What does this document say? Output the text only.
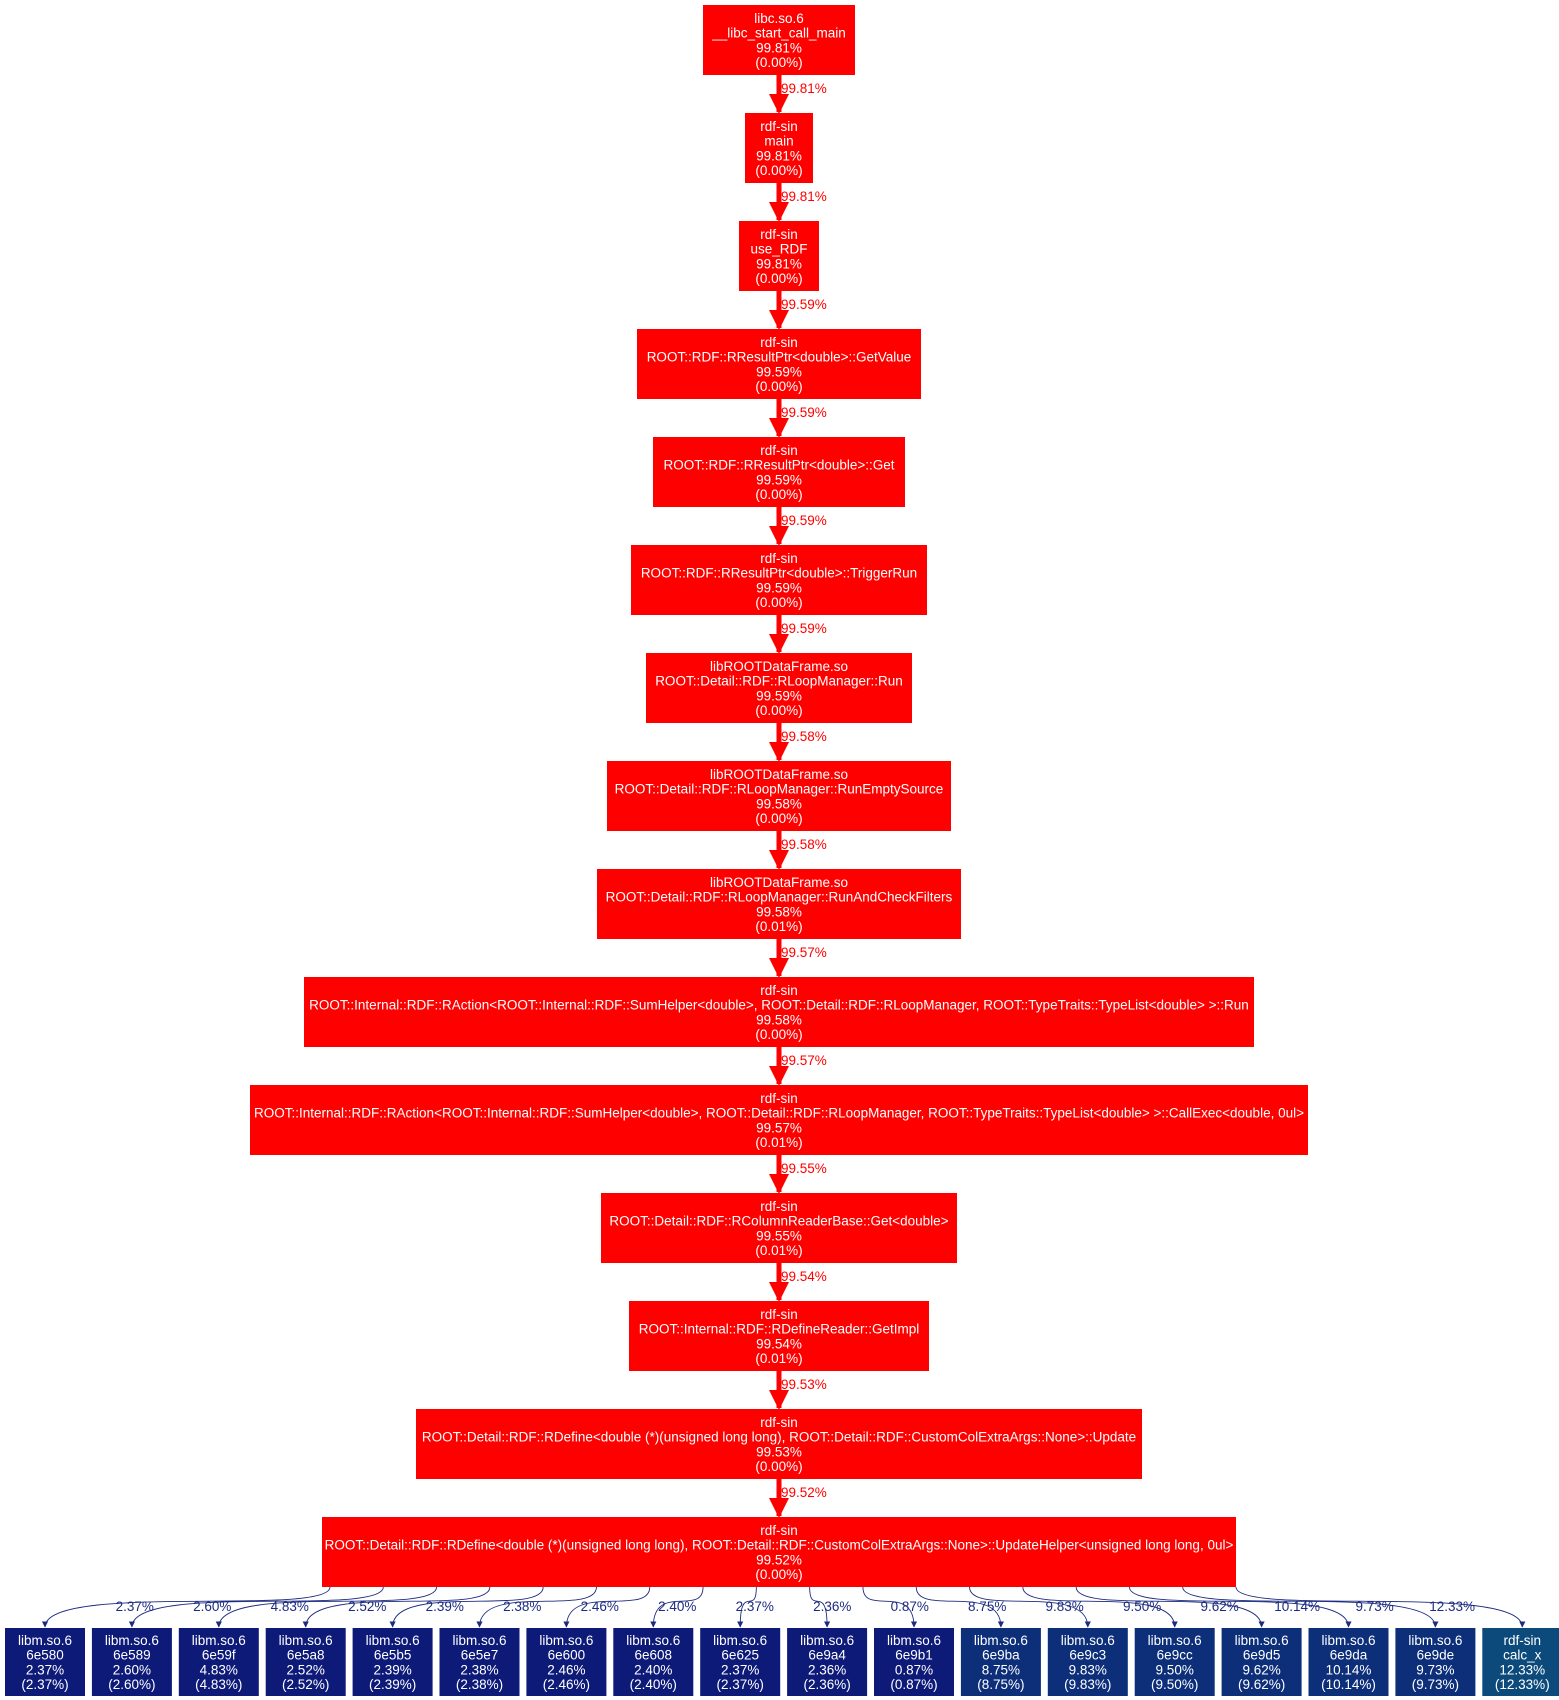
99.81%
99.81%
99.59%
99.59%
99.59%
99.59%
99.58%
99.58%
99.57%
99.57%
99.55%
99.54%
99.53%
99.52%
2.37%	2.60%	4.83%	2.52%	2.39%	2.38%	2.46%	2.40%	2.37%	2.36%	0.87%	8.75%	9.83%	9.50%	9.62%	10.14%	9.73%	12.33%
libc.so.6
__libc_start_call_main
99.81%
(0.00%)
rdf-sin
main
99.81%
(0.00%)
rdf-sin
use_RDF
99.81%
(0.00%)
rdf-sin
ROOT::RDF::RResultPtr<double>::GetValue
99.59%
(0.00%)
rdf-sin
ROOT::RDF::RResultPtr<double>::Get
99.59%
(0.00%)
rdf-sin
ROOT::RDF::RResultPtr<double>::TriggerRun
99.59%
(0.00%)
libROOTDataFrame.so
ROOT::Detail::RDF::RLoopManager::Run
99.59%
(0.00%)
libROOTDataFrame.so
ROOT::Detail::RDF::RLoopManager::RunEmptySource
99.58%
(0.00%)
libROOTDataFrame.so
ROOT::Detail::RDF::RLoopManager::RunAndCheckFilters
99.58%
(0.01%)
rdf-sin
ROOT::Internal::RDF::RAction<ROOT::Internal::RDF::SumHelper<double>, ROOT::Detail::RDF::RLoopManager, ROOT::TypeTraits::TypeList<double> >::Run
99.58%
(0.00%)
rdf-sin
ROOT::Internal::RDF::RAction<ROOT::Internal::RDF::SumHelper<double>, ROOT::Detail::RDF::RLoopManager, ROOT::TypeTraits::TypeList<double> >::CallExec<double, 0ul>
99.57%
(0.01%)
rdf-sin
ROOT::Detail::RDF::RColumnReaderBase::Get<double>
99.55%
(0.01%)
rdf-sin
ROOT::Internal::RDF::RDefineReader::GetImpl
99.54%
(0.01%)
rdf-sin
ROOT::Detail::RDF::RDefine<double (*)(unsigned long long), ROOT::Detail::RDF::CustomColExtraArgs::None>::Update
99.53%
(0.00%)
rdf-sin
ROOT::Detail::RDF::RDefine<double (*)(unsigned long long), ROOT::Detail::RDF::CustomColExtraArgs::None>::UpdateHelper<unsigned long long, 0ul>
99.52%
(0.00%)
libm.so.6
6e580
2.37%
(2.37%)
libm.so.6
6e589
2.60%
(2.60%)
libm.so.6
6e59f
4.83%
(4.83%)
libm.so.6
6e5a8
2.52%
(2.52%)
libm.so.6
6e5b5
2.39%
(2.39%)
libm.so.6
6e5e7
2.38%
(2.38%)
libm.so.6
6e600
2.46%
(2.46%)
libm.so.6
6e608
2.40%
(2.40%)
libm.so.6
6e625
2.37%
(2.37%)
libm.so.6
6e9a4
2.36%
(2.36%)
libm.so.6
6e9b1
0.87%
(0.87%)
libm.so.6
6e9ba
8.75%
(8.75%)
libm.so.6
6e9c3
9.83%
(9.83%)
libm.so.6
6e9cc
9.50%
(9.50%)
libm.so.6
6e9d5
9.62%
(9.62%)
libm.so.6
6e9da
10.14%
(10.14%)
libm.so.6
6e9de
9.73%
(9.73%)
rdf-sin
calc_x
12.33%
(12.33%)
